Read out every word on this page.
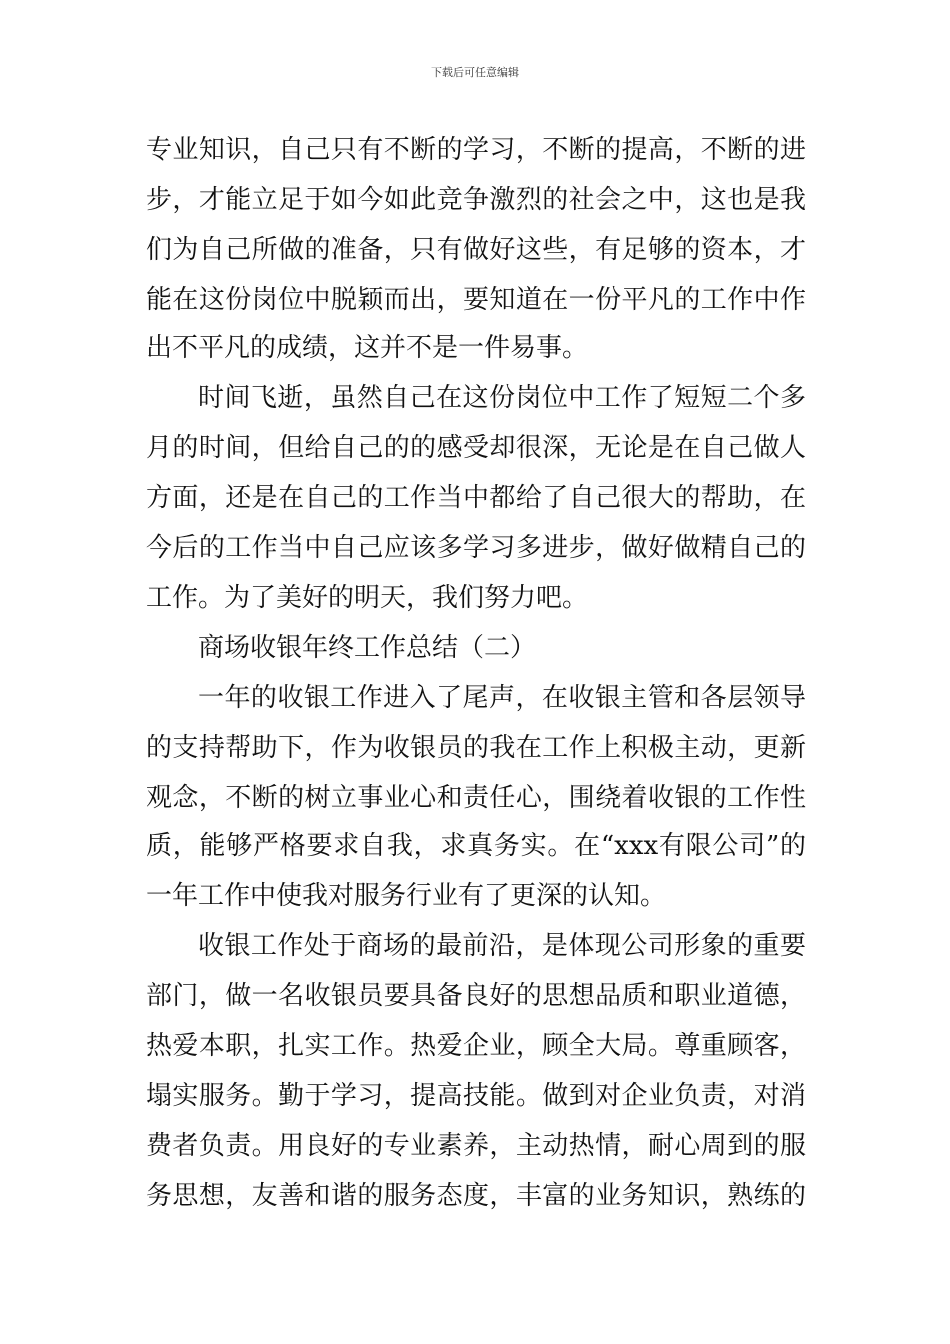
下载后可任意编辑
专业知识，自己只有不断的学习，不断的提高，不断的进
步，才能立足于如今如此竞争激烈的社会之中，这也是我
们为自己所做的准备，只有做好这些，有足够的资本，才
能在这份岗位中脱颖而出，要知道在一份平凡的工作中作
出不平凡的成绩，这并不是一件易事。
时间飞逝，虽然自己在这份岗位中工作了短短二个多
月的时间，但给自己的的感受却很深，无论是在自己做人
方面，还是在自己的工作当中都给了自己很大的帮助，在
今后的工作当中自己应该多学习多进步，做好做精自己的
工作。为了美好的明天，我们努力吧。
商场收银年终工作总结（二）
一年的收银工作进入了尾声，在收银主管和各层领导
的支持帮助下，作为收银员的我在工作上积极主动，更新
观念，不断的树立事业心和责任心，围绕着收银的工作性
质，能够严格要求自我，求真务实。在“xxx有限公司”的
一年工作中使我对服务行业有了更深的认知。
收银工作处于商场的最前沿，是体现公司形象的重要
部门，做一名收银员要具备良好的思想品质和职业道德，
热爱本职，扎实工作。热爱企业，顾全大局。尊重顾客，
塌实服务。勤于学习，提高技能。做到对企业负责，对消
费者负责。用良好的专业素养，主动热情，耐心周到的服
务思想，友善和谐的服务态度，丰富的业务知识，熟练的
